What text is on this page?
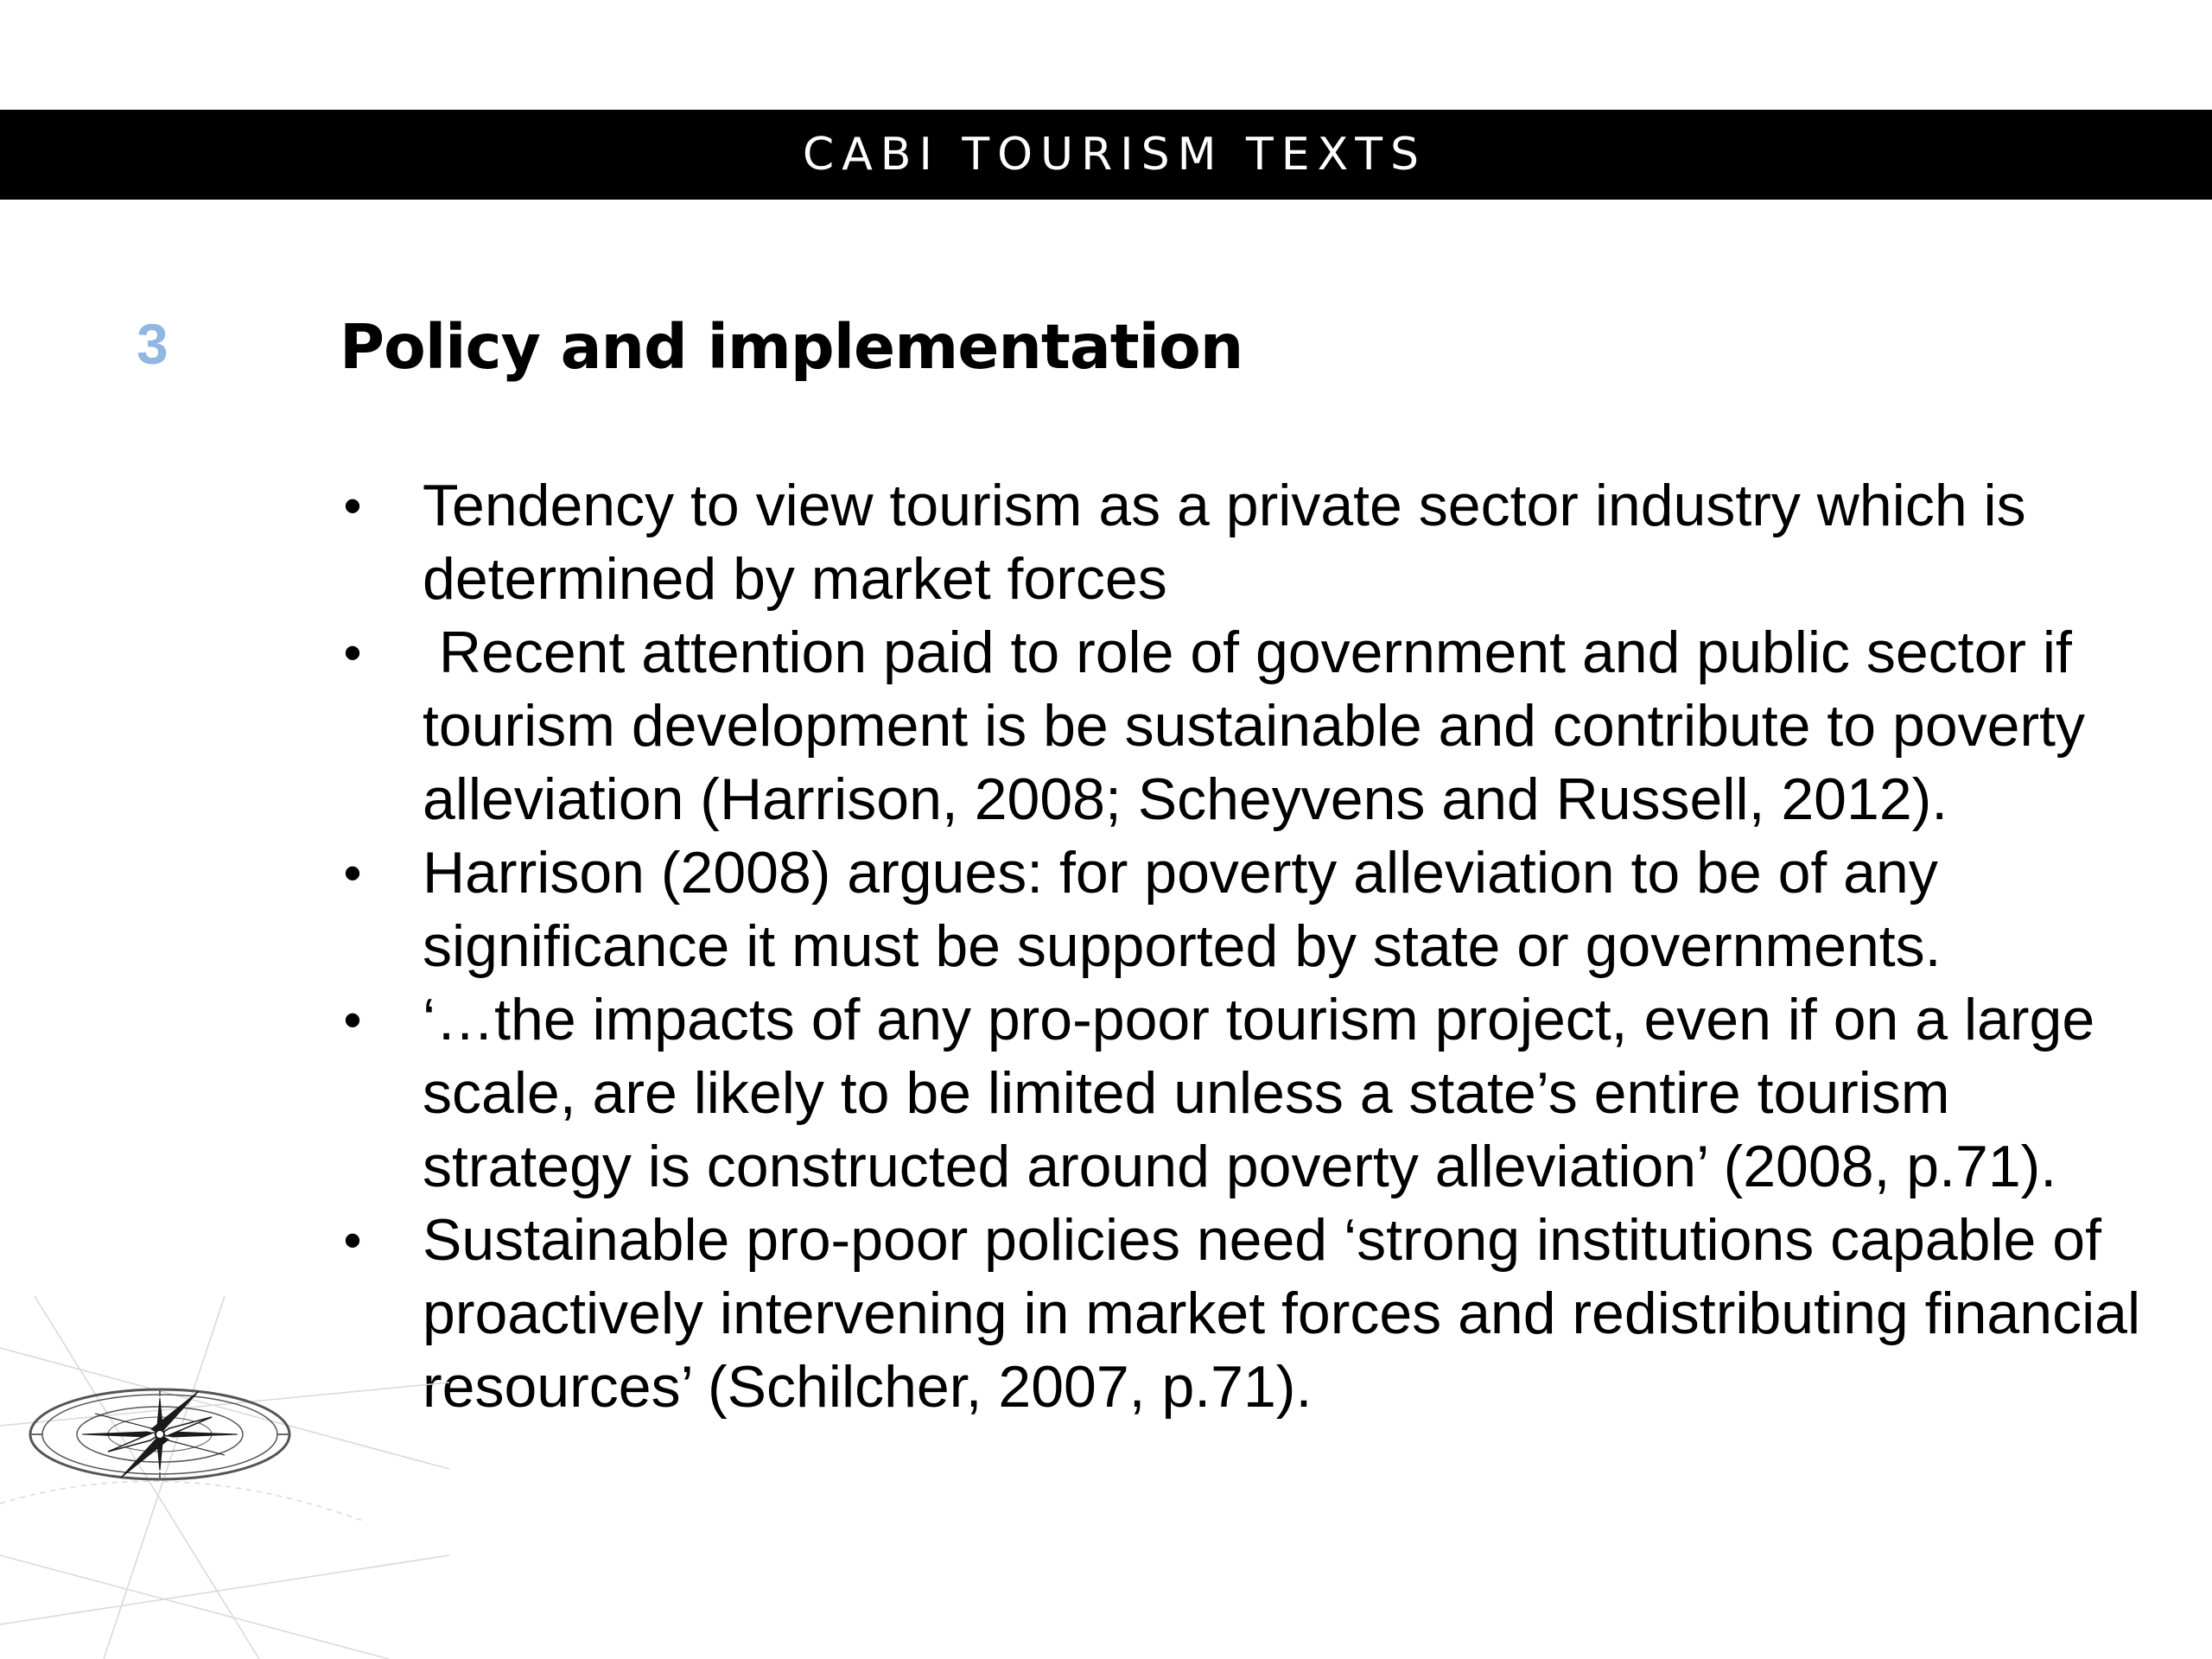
CABI TOURISM TEXTS
3	Policy and implementation
• Tendency to view tourism as a private sector industry which is determined by market forces
• Recent attention paid to role of government and public sector if tourism development is be sustainable and contribute to poverty alleviation (Harrison, 2008; Scheyvens and Russell, 2012).
• Harrison (2008) argues: for poverty alleviation to be of any significance it must be supported by state or governments.
• ‘…the impacts of any pro-poor tourism project, even if on a large scale, are likely to be limited unless a state’s entire tourism strategy is constructed around poverty alleviation’ (2008, p.71).
• Sustainable pro-poor policies need ‘strong institutions capable of proactively intervening in market forces and redistributing financial resources’ (Schilcher, 2007, p.71).
